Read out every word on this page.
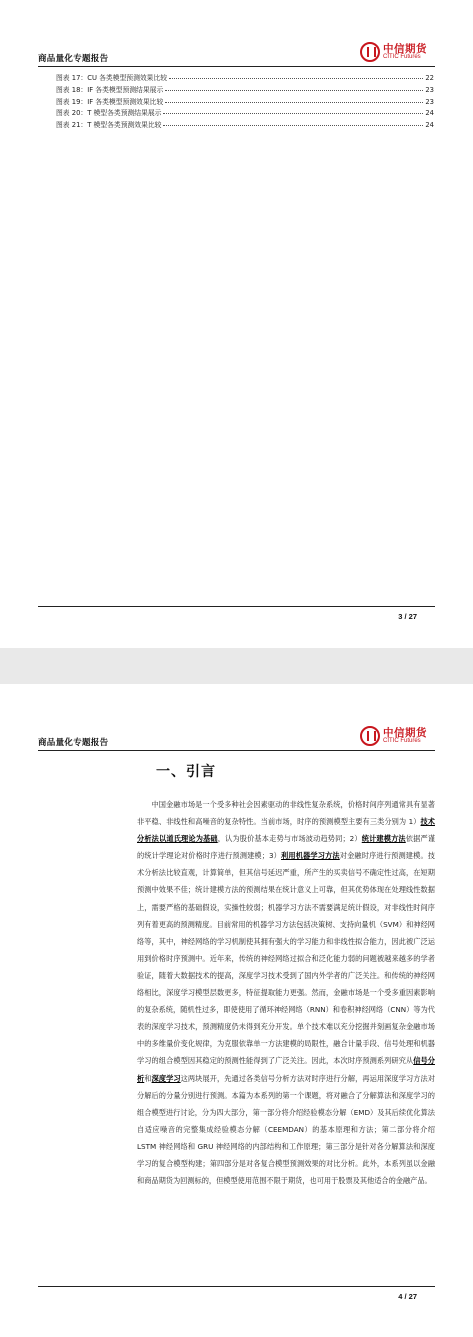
商品量化专题报告
中信期货
CITIC Futures
图表 17：CU 各类模型预测效果比较	22
图表 18：IF 各类模型预测结果展示	23
图表 19：IF 各类模型预测效果比较	23
图表 20：T 模型各类预测结果展示	24
图表 21：T 模型各类预测效果比较	24
3 / 27
商品量化专题报告
中信期货
CITIC Futures
一、引言
中国金融市场是一个受多种社会因素驱动的非线性复杂系统，价格时间序列通常具有显著非平稳、非线性和高噪音的复杂特性。当前市场，时序的预测模型主要有三类分别为 1）技术分析法以道氏理论为基础，认为股价基本走势与市场波动趋势同；2）统计建模方法依据严谨的统计学理论对价格时序进行预测建模；3）利用机器学习方法对金融时序进行预测建模。技术分析法比较直观，计算简单，但其信号延迟严重，所产生的买卖信号不确定性过高，在短期预测中效果不佳；统计建模方法的预测结果在统计意义上可靠，但其优势体现在处理线性数据上，需要严格的基础假设，实操性较弱；机器学习方法不需要满足统计假设，对非线性时间序列有着更高的预测精度。目前常用的机器学习方法包括决策树、支持向量机（SVM）和神经网络等，其中，神经网络的学习机制使其拥有强大的学习能力和非线性拟合能力，因此被广泛运用到价格时序预测中。近年来，传统的神经网络过拟合和泛化能力弱的问题被越来越多的学者验证，随着大数据技术的提高，深度学习技术受到了国内外学者的广泛关注。和传统的神经网络相比，深度学习模型层数更多，特征提取能力更强。然而，金融市场是一个受多重因素影响的复杂系统，随机性过多，即使使用了循环神经网络（RNN）和卷积神经网络（CNN）等为代表的深度学习技术，预测精度仍未得到充分开发。单个技术难以充分挖掘并刻画复杂金融市场中的多维量价变化规律，为克服依靠单一方法建模的局限性，融合计量手段、信号处理和机器学习的组合模型因其稳定的预测性能得到了广泛关注。因此，本次时序预测系列研究从信号分析和深度学习这两块展开，先通过各类信号分析方法对时序进行分解，再运用深度学习方法对分解后的分量分别进行预测。本篇为本系列的第一个课题，将对融合了分解算法和深度学习的组合模型进行讨论，分为四大部分，第一部分将介绍经验模态分解（EMD）及其后续优化算法自适应噪音的完整集成经验模态分解（CEEMDAN）的基本原理和方法；第二部分将介绍 LSTM 神经网络和 GRU 神经网络的内部结构和工作原理；第三部分是针对各分解算法和深度学习的复合模型构建；第四部分是对各复合模型预测效果的对比分析。此外，本系列虽以金融和商品期货为回测标的，但模型使用范围不限于期货，也可用于股票及其他适合的金融产品。
4 / 27
